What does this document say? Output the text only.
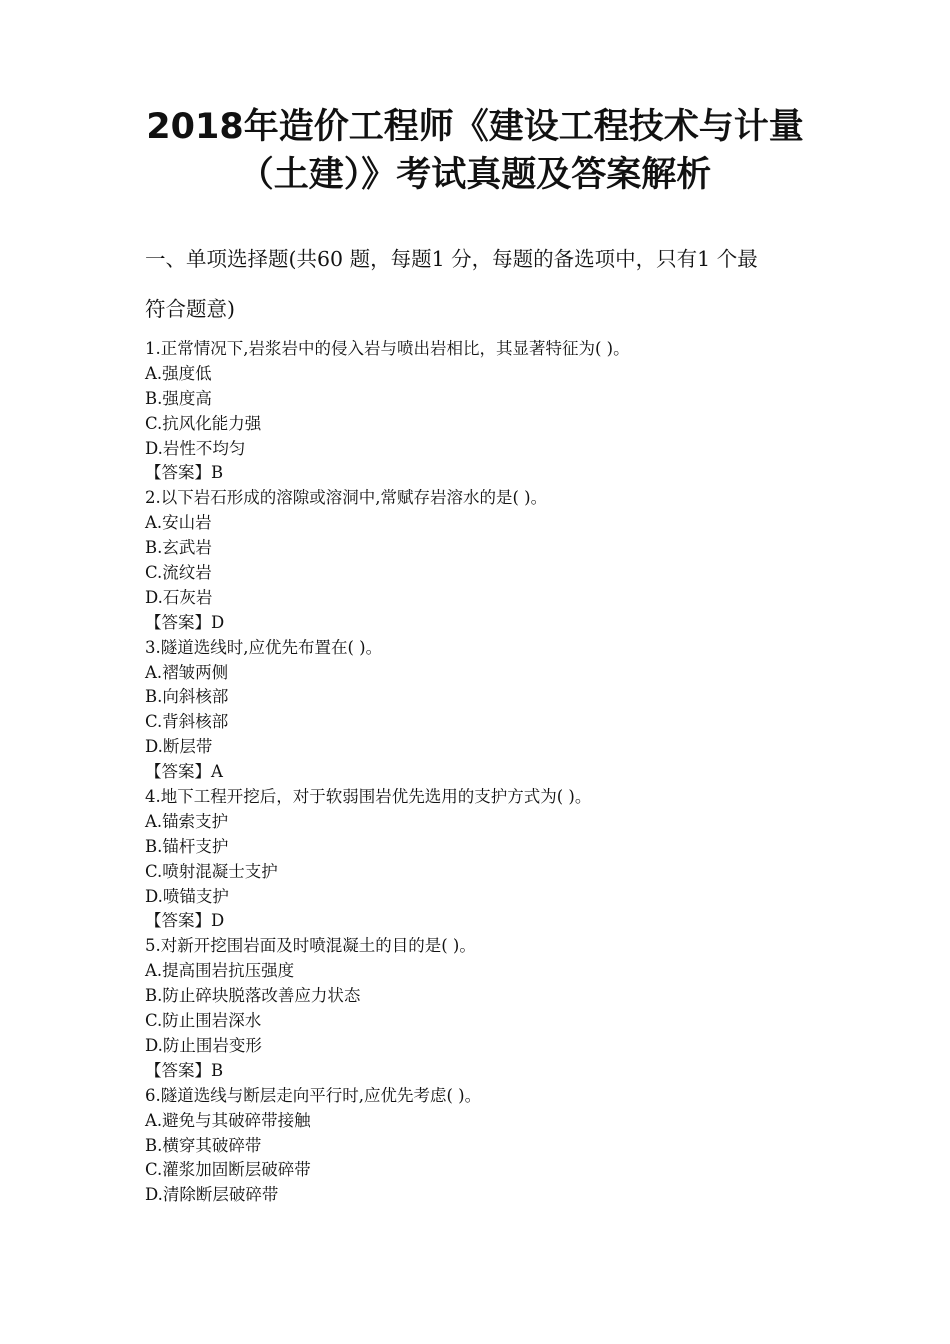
2018年造价工程师《建设工程技术与计量
（土建）》考试真题及答案解析

一、单项选择题(共60 题，每题1 分，每题的备选项中，只有1 个最

符合题意)

1.正常情况下,岩浆岩中的侵入岩与喷出岩相比，其显著特征为( )。
A.强度低
B.强度高
C.抗风化能力强
D.岩性不均匀
【答案】B
2.以下岩石形成的溶隙或溶洞中,常赋存岩溶水的是( )。
A.安山岩
B.玄武岩
C.流纹岩
D.石灰岩
【答案】D
3.隧道选线时,应优先布置在( )。
A.褶皱两侧
B.向斜核部
C.背斜核部
D.断层带
【答案】A
4.地下工程开挖后，对于软弱围岩优先选用的支护方式为( )。
A.锚索支护
B.锚杆支护
C.喷射混凝士支护
D.喷锚支护
【答案】D
5.对新开挖围岩面及时喷混凝土的目的是( )。
A.提高围岩抗压强度
B.防止碎块脱落改善应力状态
C.防止围岩深水
D.防止围岩变形
【答案】B
6.隧道选线与断层走向平行时,应优先考虑( )。
A.避免与其破碎带接触
B.横穿其破碎带
C.灌浆加固断层破碎带
D.清除断层破碎带
